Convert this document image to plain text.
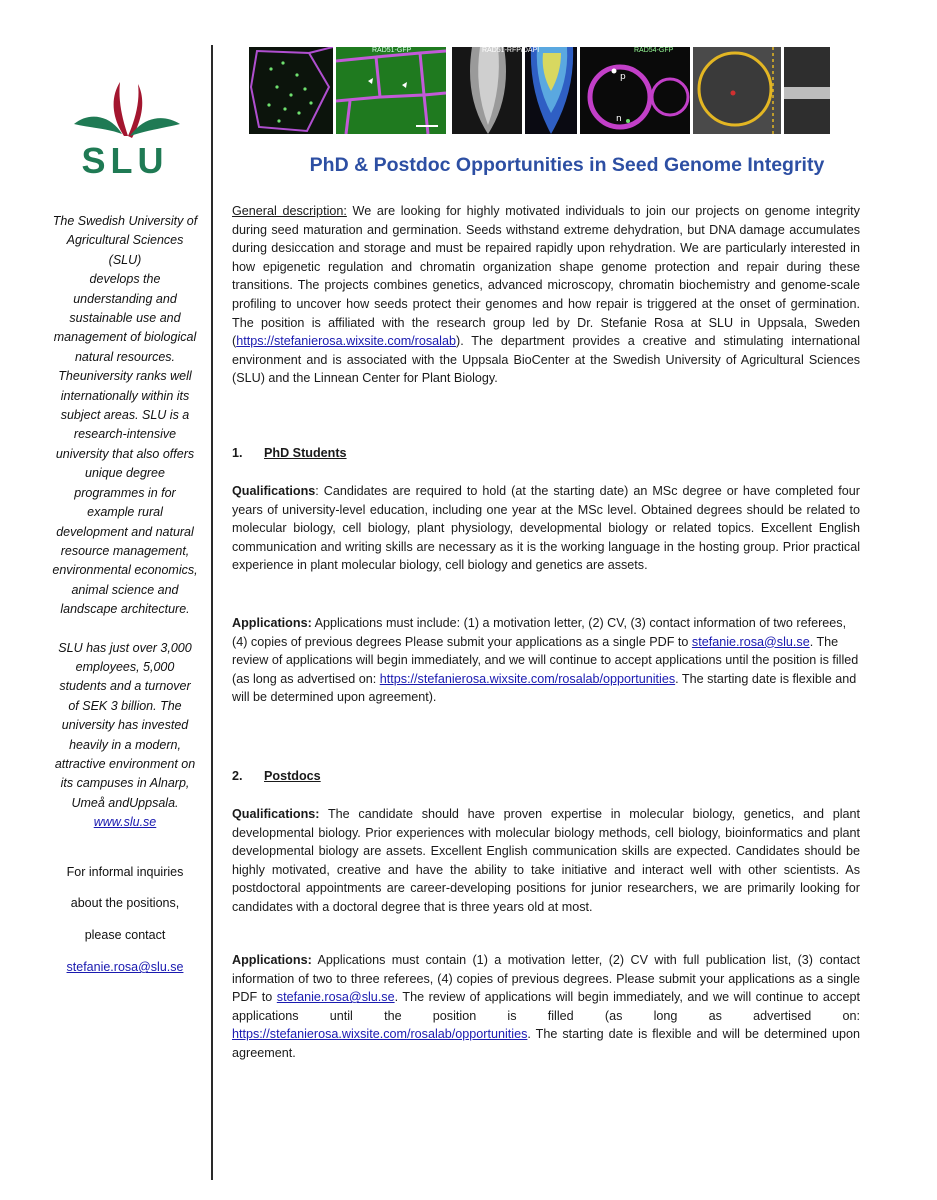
SLU

The Swedish University of

Agricultural Sciences

(SLU)

develops the

understanding and

sustainable use and

management of biological

natural resources.

Theuniversity ranks well

internationally within its

subject areas. SLU is a

research-intensive

university that also offers

unique degree

programmes in for

example rural

development and natural

resource management,

environmental economics,

animal science and

landscape architecture.

SLU has just over 3,000

employees, 5,000

students and a turnover

of SEK 3 billion. The

university has invested

heavily in a modern,

attractive environment on

its campuses in Alnarp,

Umeå andUppsala.

www.slu.se

For informal inquiries

about the positions,

please contact

stefanie.rosa@slu.se

p
n
RAD51-GFP	RAD51-RFP/DAPI	RAD54-GFP
PhD & Postdoc Opportunities in Seed Genome Integrity

General description: We are looking for highly motivated individuals to join our projects on genome integrity during seed maturation and germination. Seeds withstand extreme dehydration, but DNA damage accumulates during desiccation and storage and must be repaired rapidly upon rehydration. We are particularly interested in how epigenetic regulation and chromatin organization shape genome protection and repair during these transitions. The projects combines genetics, advanced microscopy, chromatin biochemistry and genome-scale profiling to uncover how seeds protect their genomes and how repair is triggered at the onset of germination. The position is affiliated with the research group led by Dr. Stefanie Rosa at SLU in Uppsala, Sweden (https://stefanierosa.wixsite.com/rosalab). The department provides a creative and stimulating international environment and is associated with the Uppsala BioCenter at the Swedish University of Agricultural Sciences (SLU) and the Linnean Center for Plant Biology.

1. PhD Students

Qualifications: Candidates are required to hold (at the starting date) an MSc degree or have completed four years of university-level education, including one year at the MSc level. Obtained degrees should be related to molecular biology, cell biology, plant physiology, developmental biology or related topics. Excellent English communication and writing skills are necessary as it is the working language in the hosting group. Prior practical experience in plant molecular biology, cell biology and genetics are assets.

Applications: Applications must include: (1) a motivation letter, (2) CV, (3) contact information of two referees, (4) copies of previous degrees Please submit your applications as a single PDF to stefanie.rosa@slu.se. The review of applications will begin immediately, and we will continue to accept applications until the position is filled (as long as advertised on: https://stefanierosa.wixsite.com/rosalab/opportunities. The starting date is flexible and will be determined upon agreement).

2. Postdocs

Qualifications: The candidate should have proven expertise in molecular biology, genetics, and plant developmental biology. Prior experiences with molecular biology methods, cell biology, bioinformatics and plant developmental biology are assets. Excellent English communication skills are expected. Candidates should be highly motivated, creative and have the ability to take initiative and interact well with other scientists. As postdoctoral appointments are career-developing positions for junior researchers, we are primarily looking for candidates with a doctoral degree that is three years old at most.

Applications: Applications must contain (1) a motivation letter, (2) CV with full publication list, (3) contact information of two to three referees, (4) copies of previous degrees. Please submit your applications as a single PDF to stefanie.rosa@slu.se. The review of applications will begin immediately, and we will continue to accept applications until the position is filled (as long as advertised on: https://stefanierosa.wixsite.com/rosalab/opportunities. The starting date is flexible and will be determined upon agreement.
